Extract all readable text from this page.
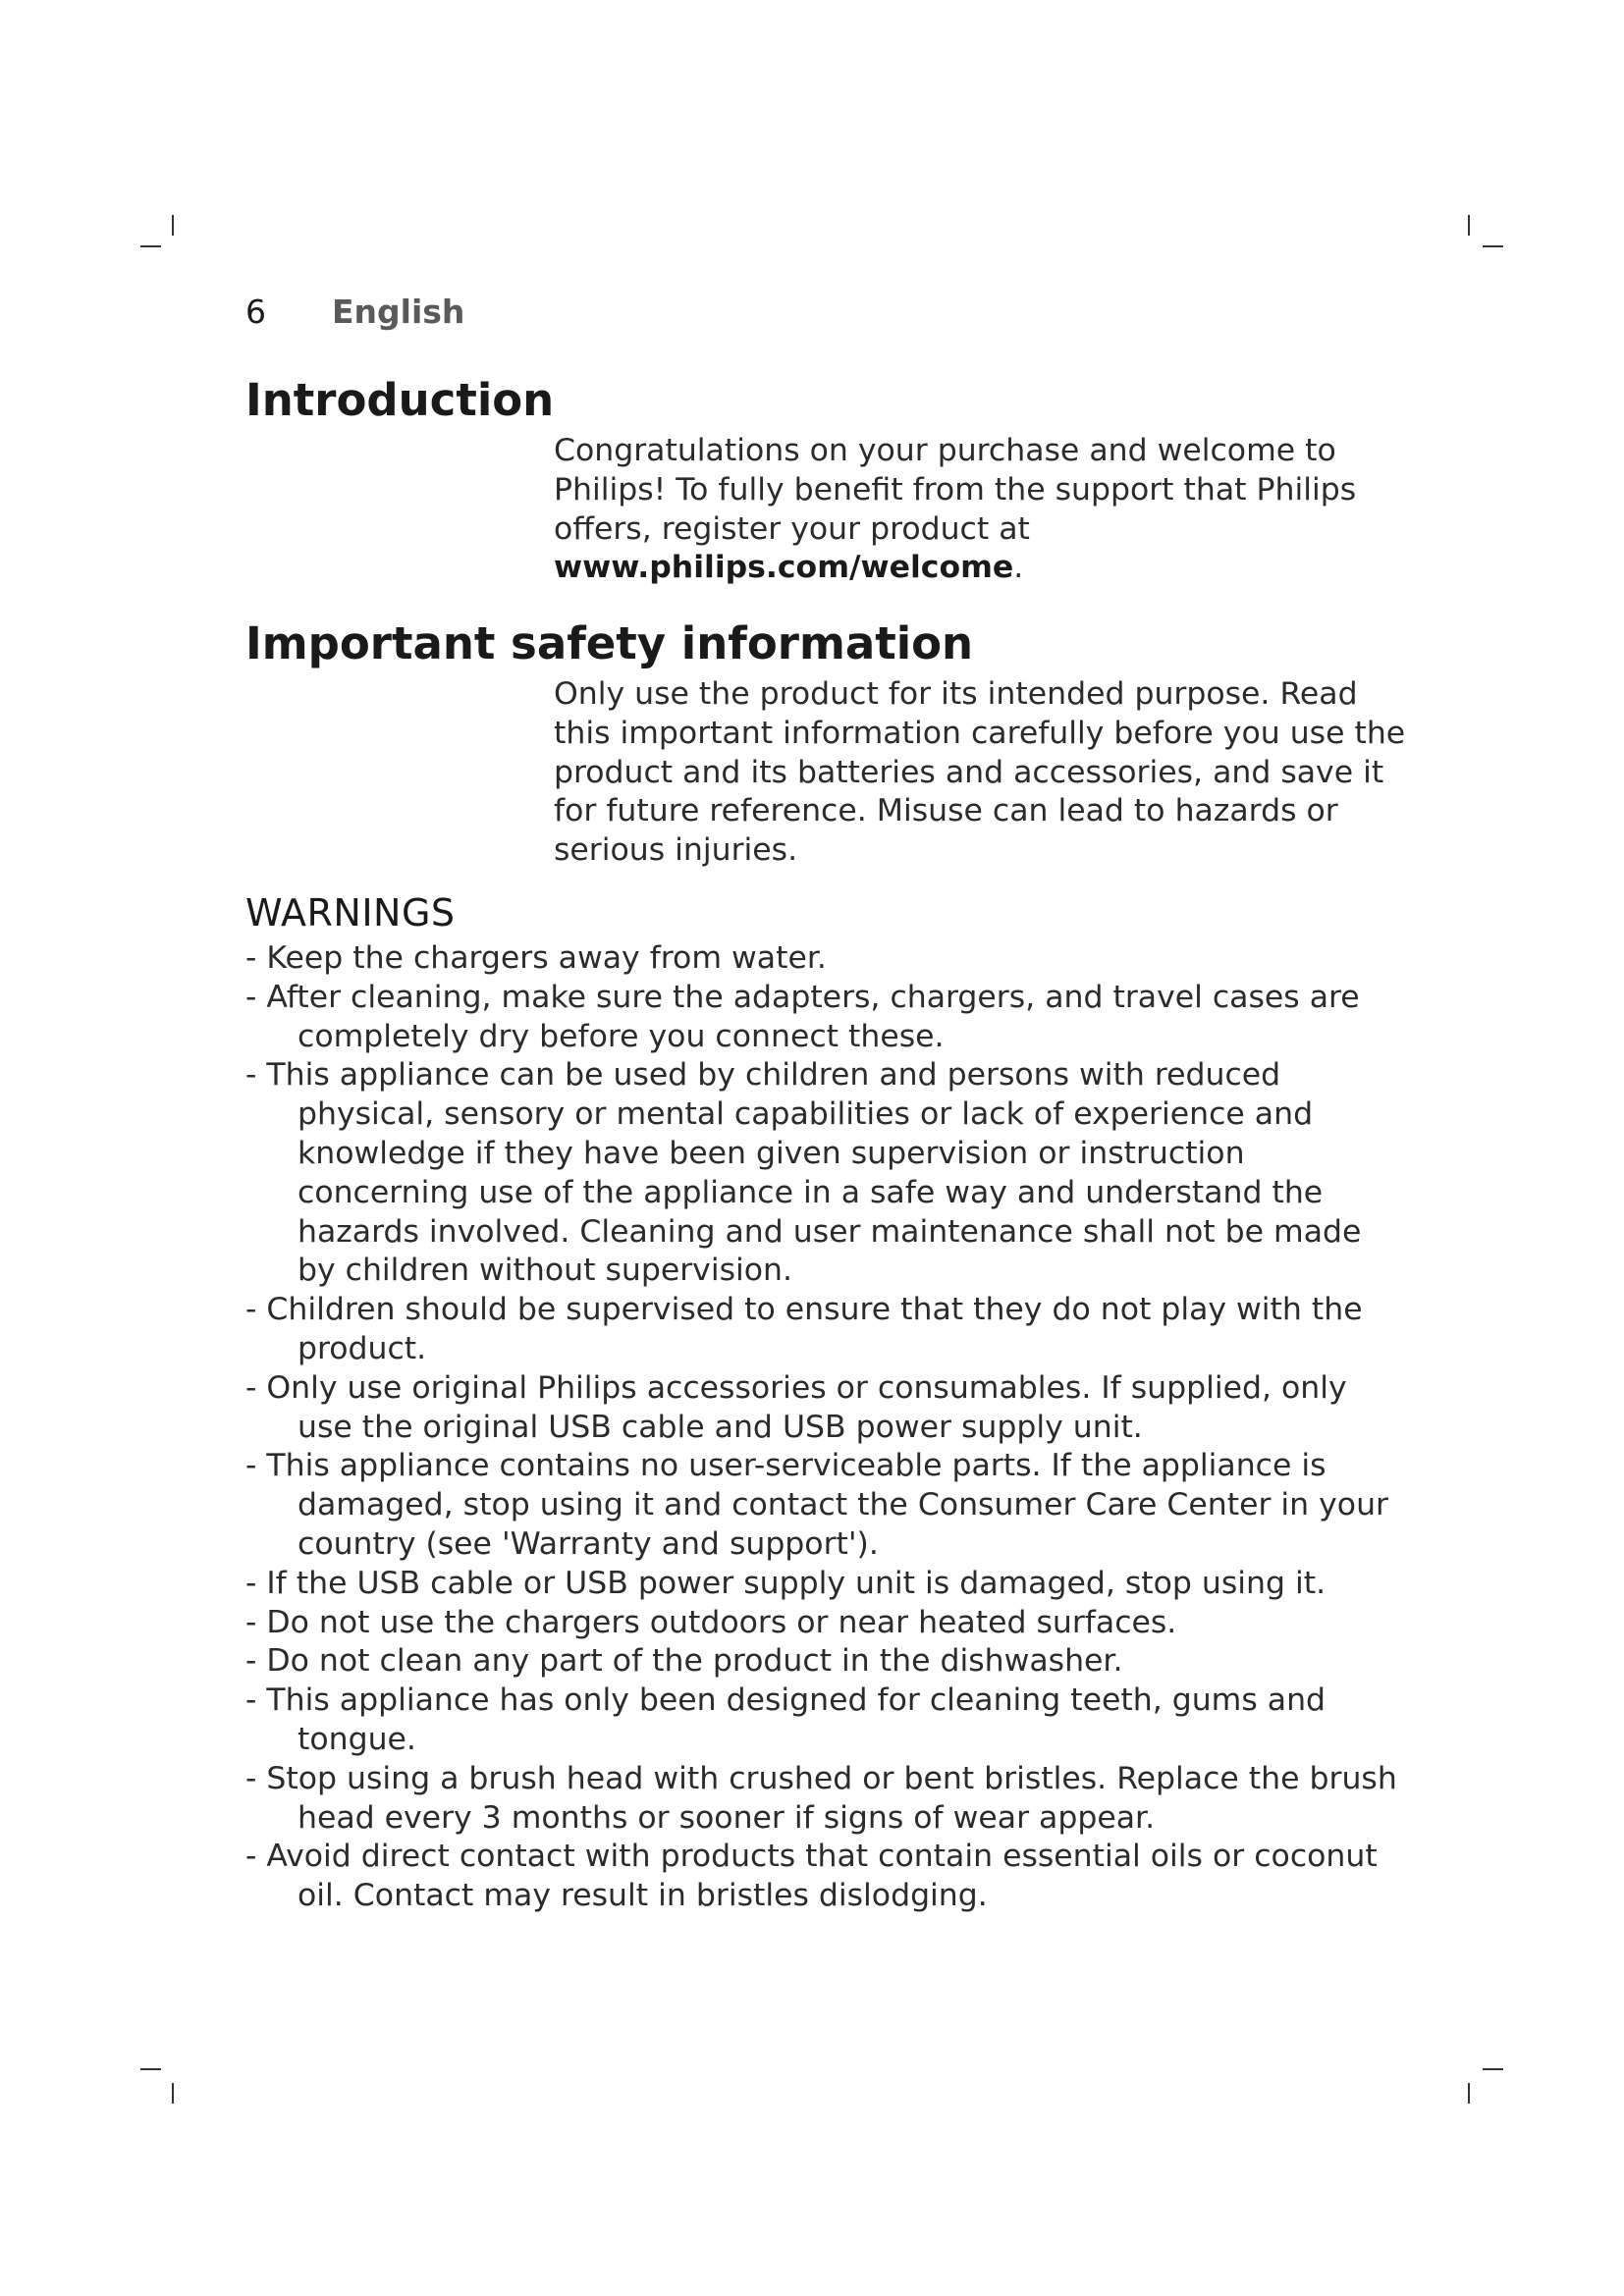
6 English
Introduction

Congratulations on your purchase and welcome to Philips! To fully benefit from the support that Philips offers, register your product at www.philips.com/welcome.

Important safety information

Only use the product for its intended purpose. Read this important information carefully before you use the product and its batteries and accessories, and save it for future reference. Misuse can lead to hazards or serious injuries.

WARNINGS
- Keep the chargers away from water.
- After cleaning, make sure the adapters, chargers, and travel cases are completely dry before you connect these.
- This appliance can be used by children and persons with reduced physical, sensory or mental capabilities or lack of experience and knowledge if they have been given supervision or instruction concerning use of the appliance in a safe way and understand the hazards involved. Cleaning and user maintenance shall not be made by children without supervision.
- Children should be supervised to ensure that they do not play with the product.
- Only use original Philips accessories or consumables. If supplied, only use the original USB cable and USB power supply unit.
- This appliance contains no user-serviceable parts. If the appliance is damaged, stop using it and contact the Consumer Care Center in your country (see 'Warranty and support').
- If the USB cable or USB power supply unit is damaged, stop using it.
- Do not use the chargers outdoors or near heated surfaces.
- Do not clean any part of the product in the dishwasher.
- This appliance has only been designed for cleaning teeth, gums and tongue.
- Stop using a brush head with crushed or bent bristles. Replace the brush head every 3 months or sooner if signs of wear appear.
- Avoid direct contact with products that contain essential oils or coconut oil. Contact may result in bristles dislodging.
